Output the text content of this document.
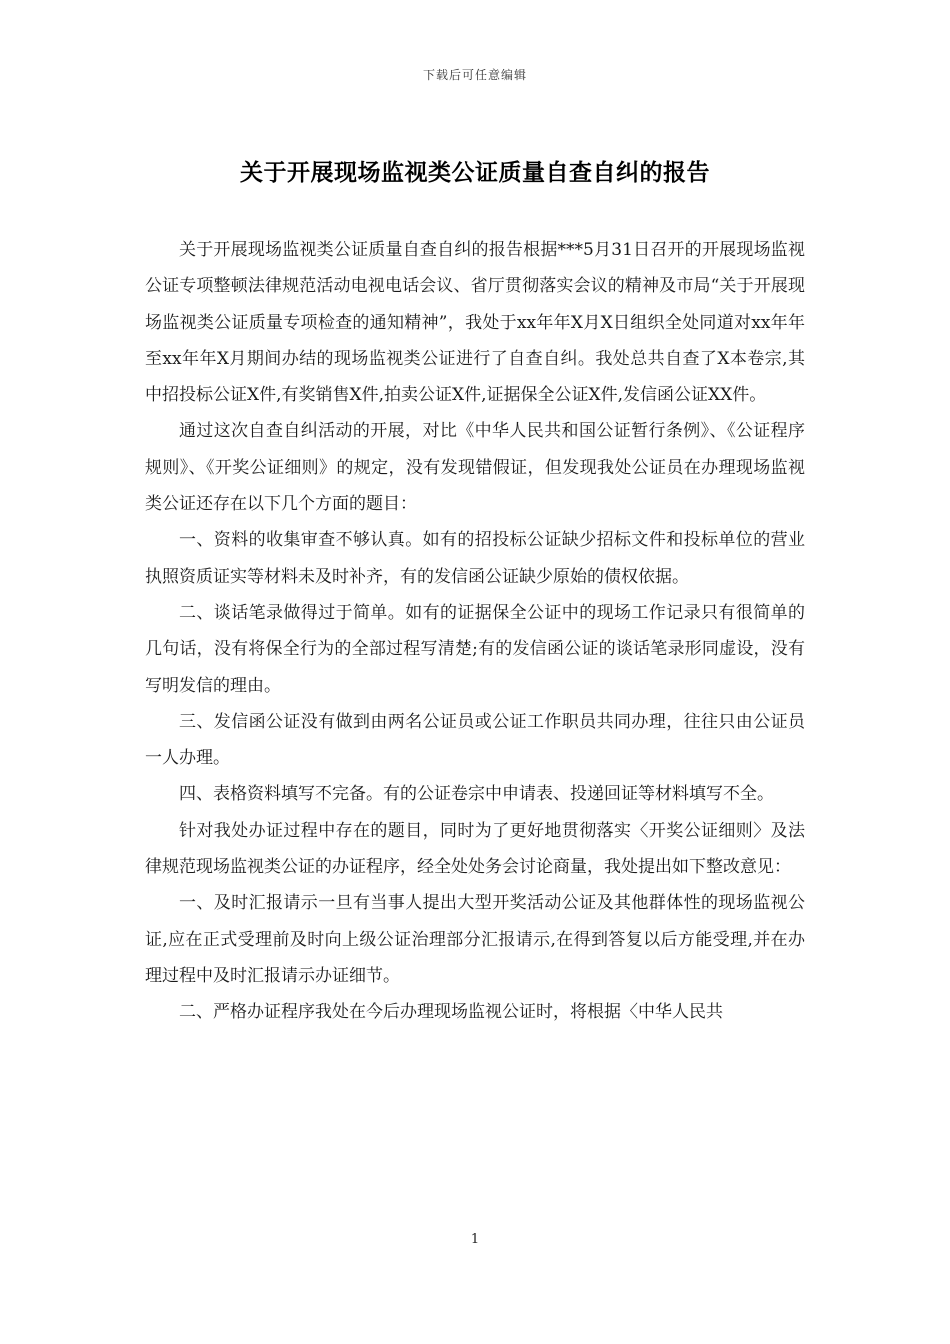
下载后可任意编辑
关于开展现场监视类公证质量自查自纠的报告

关于开展现场监视类公证质量自查自纠的报告根据***5月31日召开的开展现场监视公证专项整顿法律规范活动电视电话会议、省厅贯彻落实会议的精神及市局“关于开展现场监视类公证质量专项检查的通知精神”，我处于xx年年X月X日组织全处同道对xx年年至xx年年X月期间办结的现场监视类公证进行了自查自纠。我处总共自查了X本卷宗,其中招投标公证X件,有奖销售X件,拍卖公证X件,证据保全公证X件,发信函公证XX件。

通过这次自查自纠活动的开展，对比《中华人民共和国公证暂行条例》、《公证程序规则》、《开奖公证细则》的规定，没有发现错假证，但发现我处公证员在办理现场监视类公证还存在以下几个方面的题目：

一、资料的收集审查不够认真。如有的招投标公证缺少招标文件和投标单位的营业执照资质证实等材料未及时补齐，有的发信函公证缺少原始的债权依据。

二、谈话笔录做得过于简单。如有的证据保全公证中的现场工作记录只有很简单的几句话，没有将保全行为的全部过程写清楚;有的发信函公证的谈话笔录形同虚设，没有写明发信的理由。

三、发信函公证没有做到由两名公证员或公证工作职员共同办理，往往只由公证员一人办理。

四、表格资料填写不完备。有的公证卷宗中申请表、投递回证等材料填写不全。

针对我处办证过程中存在的题目，同时为了更好地贯彻落实〈开奖公证细则〉及法律规范现场监视类公证的办证程序，经全处处务会讨论商量，我处提出如下整改意见：

一、及时汇报请示一旦有当事人提出大型开奖活动公证及其他群体性的现场监视公证,应在正式受理前及时向上级公证治理部分汇报请示,在得到答复以后方能受理,并在办理过程中及时汇报请示办证细节。

二、严格办证程序我处在今后办理现场监视公证时，将根据〈中华人民共

1
